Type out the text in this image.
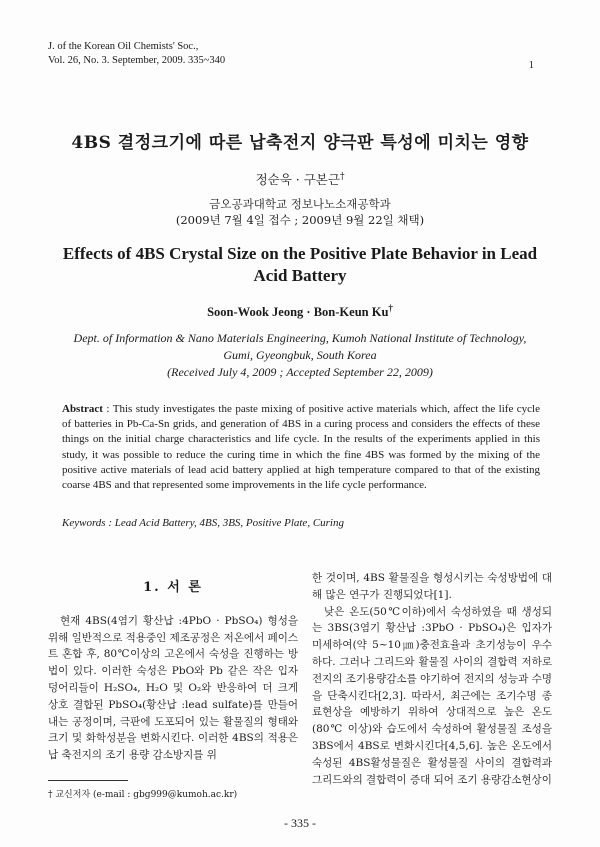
J. of the Korean Oil Chemists' Soc.,
Vol. 26, No. 3. September, 2009. 335~340	1
4BS 결정크기에 따른 납축전지 양극판 특성에 미치는 영향
정순욱 · 구본근†
금오공과대학교 정보나노소재공학과
(2009년 7월 4일 접수 ; 2009년 9월 22일 채택)
Effects of 4BS Crystal Size on the Positive Plate Behavior in Lead Acid Battery
Soon-Wook Jeong · Bon-Keun Ku†
Dept. of Information & Nano Materials Engineering, Kumoh National Institute of Technology, Gumi, Gyeongbuk, South Korea
(Received July 4, 2009 ; Accepted September 22, 2009)
Abstract : This study investigates the paste mixing of positive active materials which, affect the life cycle of batteries in Pb-Ca-Sn grids, and generation of 4BS in a curing process and considers the effects of these things on the initial charge characteristics and life cycle. In the results of the experiments applied in this study, it was possible to reduce the curing time in which the fine 4BS was formed by the mixing of the positive active materials of lead acid battery applied at high temperature compared to that of the existing coarse 4BS and that represented some improvements in the life cycle performance.
Keywords : Lead Acid Battery, 4BS, 3BS, Positive Plate, Curing
1. 서 론

현재 4BS(4염기 황산납 :4PbO · PbSO₄) 형성을 위해 일반적으로 적용중인 제조공정은 저온에서 페이스트 혼합 후, 80℃이상의 고온에서 숙성을 진행하는 방법이 있다. 이러한 숙성은 PbO와 Pb 같은 작은 입자 덩어리들이 H₂SO₄, H₂O 및 O₂와 반응하여 더 크게 상호 결합된 PbSO₄(황산납 :lead sulfate)를 만들어 내는 공정이며, 극판에 도포되어 있는 활물질의 형태와 크기 및 화학성분을 변화시킨다. 이러한 4BS의 적용은 납 축전지의 조기 용량 감소방지를 위

한 것이며, 4BS 활물질을 형성시키는 숙성방법에 대해 많은 연구가 진행되었다[1].

낮은 온도(50℃이하)에서 숙성하였을 때 생성되는 3BS(3염기 황산납 :3PbO · PbSO₄)은 입자가 미세하여(약 5~10㎛)충전효율과 초기성능이 우수하다. 그러나 그리드와 활물질 사이의 결합력 저하로 전지의 조기용량감소를 야기하여 전지의 성능과 수명을 단축시킨다[2,3]. 따라서, 최근에는 조기수명 종료현상을 예방하기 위하여 상대적으로 높은 온도(80℃ 이상)와 습도에서 숙성하여 활성물질 조성을 3BS에서 4BS로 변화시킨다[4,5,6]. 높은 온도에서 숙성된 4BS활성물질은 활성물질 사이의 결합력과 그리드와의 결합력이 증대 되어 조기 용량감소현상이

† 교신저자 (e-mail : gbg999@kumoh.ac.kr)
- 335 -
